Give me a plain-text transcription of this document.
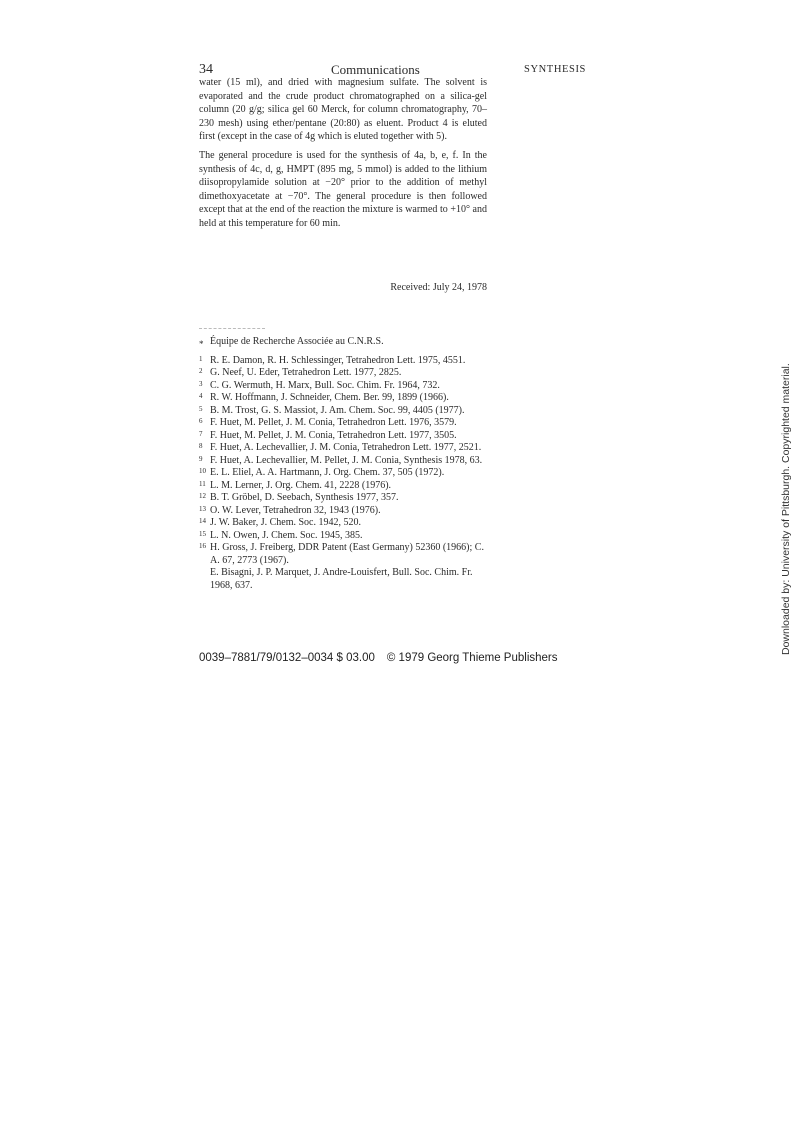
34	Communications	SYNTHESIS

water (15 ml), and dried with magnesium sulfate. The solvent is evaporated and the crude product chromatographed on a silica-gel column (20 g/g; silica gel 60 Merck, for column chromatography, 70–230 mesh) using ether/pentane (20:80) as eluent. Product 4 is eluted first (except in the case of 4g which is eluted together with 5).

The general procedure is used for the synthesis of 4a, b, e, f. In the synthesis of 4c, d, g, HMPT (895 mg, 5 mmol) is added to the lithium diisopropylamide solution at −20° prior to the addition of methyl dimethoxyacetate at −70°. The general procedure is then followed except that at the end of the reaction the mixture is warmed to +10° and held at this temperature for 60 min.

Received: July 24, 1978
* Équipe de Recherche Associée au C.N.R.S.
1 R. E. Damon, R. H. Schlessinger, Tetrahedron Lett. 1975, 4551.
2 G. Neef, U. Eder, Tetrahedron Lett. 1977, 2825.
3 C. G. Wermuth, H. Marx, Bull. Soc. Chim. Fr. 1964, 732.
4 R. W. Hoffmann, J. Schneider, Chem. Ber. 99, 1899 (1966).
5 B. M. Trost, G. S. Massiot, J. Am. Chem. Soc. 99, 4405 (1977).
6 F. Huet, M. Pellet, J. M. Conia, Tetrahedron Lett. 1976, 3579.
7 F. Huet, M. Pellet, J. M. Conia, Tetrahedron Lett. 1977, 3505.
8 F. Huet, A. Lechevallier, J. M. Conia, Tetrahedron Lett. 1977, 2521.
9 F. Huet, A. Lechevallier, M. Pellet, J. M. Conia, Synthesis 1978, 63.
10 E. L. Eliel, A. A. Hartmann, J. Org. Chem. 37, 505 (1972).
11 L. M. Lerner, J. Org. Chem. 41, 2228 (1976).
12 B. T. Gröbel, D. Seebach, Synthesis 1977, 357.
13 O. W. Lever, Tetrahedron 32, 1943 (1976).
14 J. W. Baker, J. Chem. Soc. 1942, 520.
15 L. N. Owen, J. Chem. Soc. 1945, 385.
16 H. Gross, J. Freiberg, DDR Patent (East Germany) 52360 (1966); C. A. 67, 2773 (1967).
E. Bisagni, J. P. Marquet, J. Andre-Louisfert, Bull. Soc. Chim. Fr. 1968, 637.
0039–7881/79/0132–0034 $ 03.00 © 1979 Georg Thieme Publishers
Downloaded by: University of Pittsburgh. Copyrighted material.
